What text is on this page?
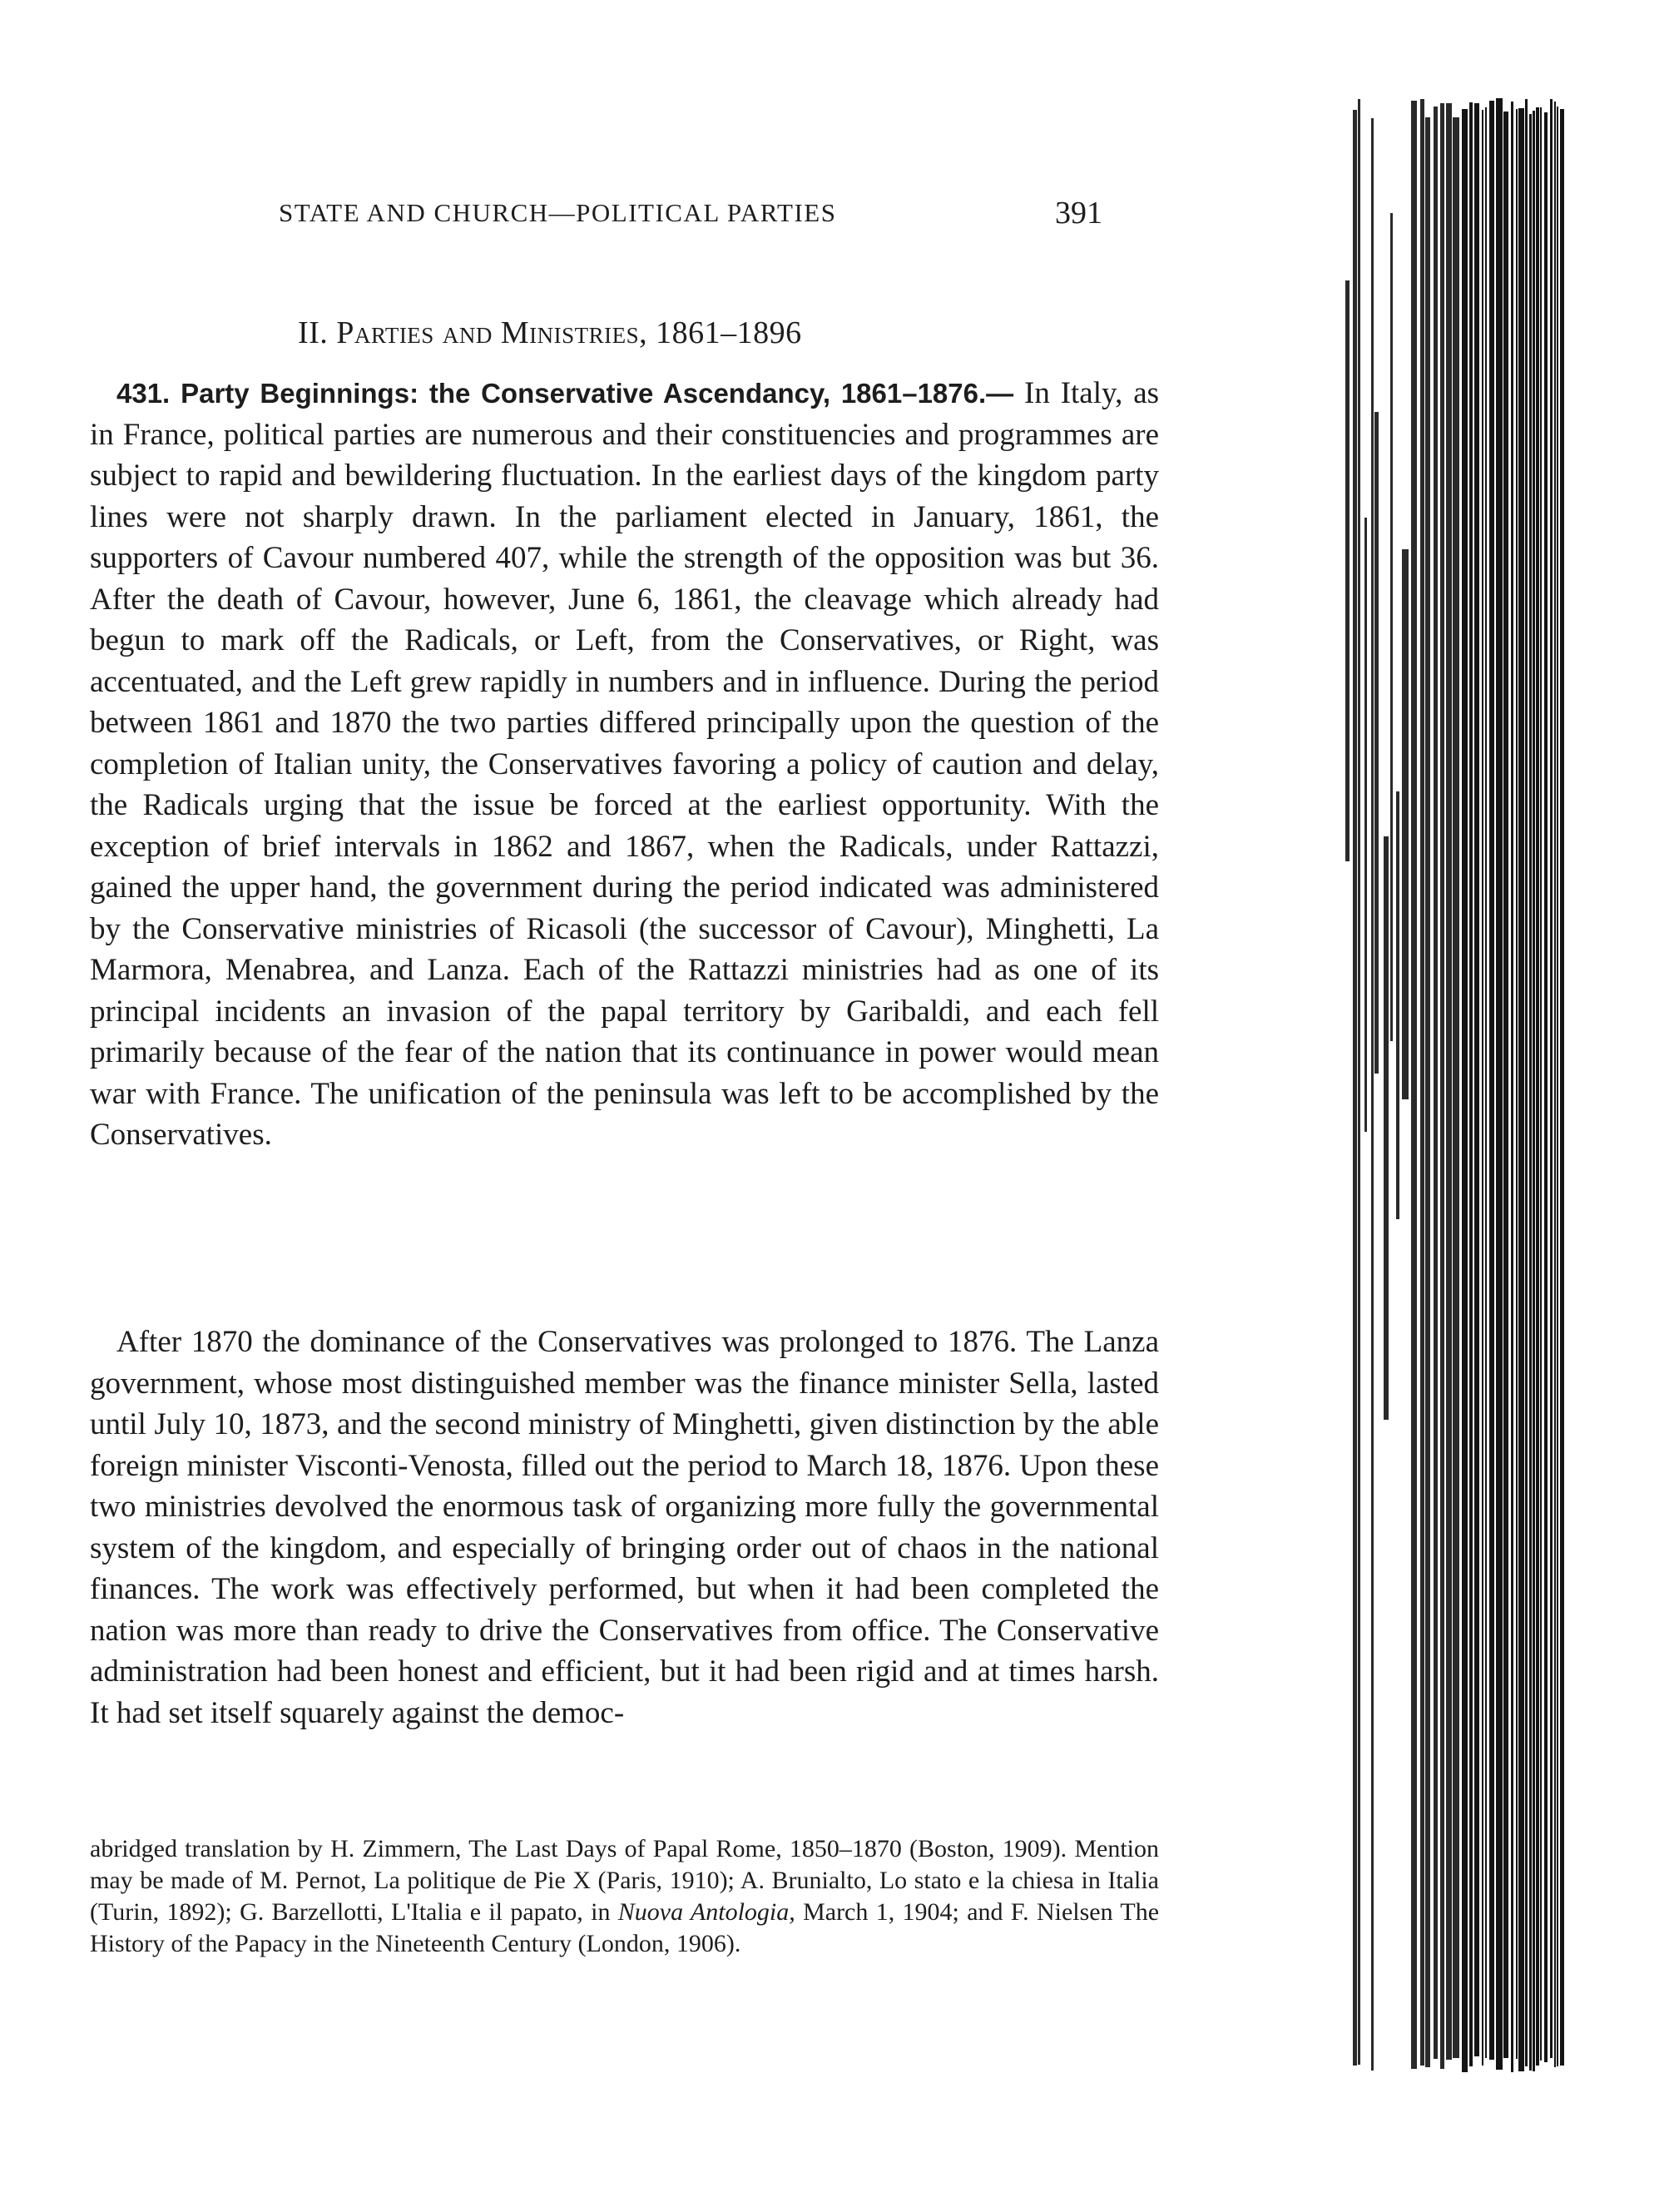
STATE AND CHURCH—POLITICAL PARTIES	391
II. Parties and Ministries, 1861–1896

431. Party Beginnings: the Conservative Ascendancy, 1861–1876.— In Italy, as in France, political parties are numerous and their constituencies and programmes are subject to rapid and bewildering fluctuation. In the earliest days of the kingdom party lines were not sharply drawn. In the parliament elected in January, 1861, the supporters of Cavour numbered 407, while the strength of the opposition was but 36. After the death of Cavour, however, June 6, 1861, the cleavage which already had begun to mark off the Radicals, or Left, from the Conservatives, or Right, was accentuated, and the Left grew rapidly in numbers and in influence. During the period between 1861 and 1870 the two parties differed principally upon the question of the completion of Italian unity, the Conservatives favoring a policy of caution and delay, the Radicals urging that the issue be forced at the earliest opportunity. With the exception of brief intervals in 1862 and 1867, when the Radicals, under Rattazzi, gained the upper hand, the government during the period indicated was administered by the Conservative ministries of Ricasoli (the successor of Cavour), Minghetti, La Marmora, Menabrea, and Lanza. Each of the Rattazzi ministries had as one of its principal incidents an invasion of the papal territory by Garibaldi, and each fell primarily because of the fear of the nation that its continuance in power would mean war with France. The unification of the peninsula was left to be accomplished by the Conservatives.

After 1870 the dominance of the Conservatives was prolonged to 1876. The Lanza government, whose most distinguished member was the finance minister Sella, lasted until July 10, 1873, and the second ministry of Minghetti, given distinction by the able foreign minister Visconti-Venosta, filled out the period to March 18, 1876. Upon these two ministries devolved the enormous task of organizing more fully the governmental system of the kingdom, and especially of bringing order out of chaos in the national finances. The work was effectively performed, but when it had been completed the nation was more than ready to drive the Conservatives from office. The Conservative administration had been honest and efficient, but it had been rigid and at times harsh. It had set itself squarely against the democ-

abridged translation by H. Zimmern, The Last Days of Papal Rome, 1850–1870 (Boston, 1909). Mention may be made of M. Pernot, La politique de Pie X (Paris, 1910); A. Brunialto, Lo stato e la chiesa in Italia (Turin, 1892); G. Barzellotti, L'Italia e il papato, in Nuova Antologia, March 1, 1904; and F. Nielsen The History of the Papacy in the Nineteenth Century (London, 1906).
